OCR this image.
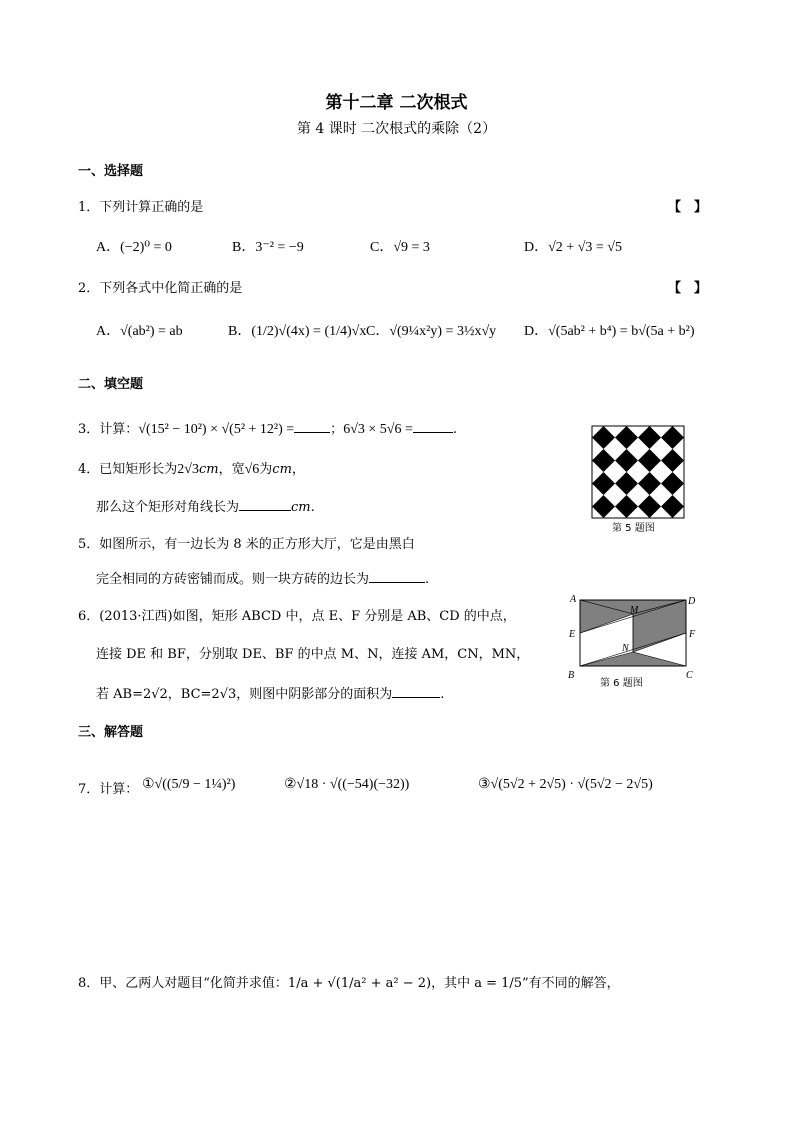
第十二章 二次根式
第 4 课时 二次根式的乘除（2）
一、选择题
1．下列计算正确的是	【　】
A．(−2)⁰ = 0	B．3⁻² = −9	C．√9 = 3	D．√2 + √3 = √5
2．下列各式中化简正确的是	【　】
A．√(ab²) = ab	B．(1/2)√(4x) = (1/4)√x C．√(9¼x²y) = 3½x√y D．√(5ab² + b⁴) = b√(5a + b²)
二、填空题
3．计算：√(15² − 10²) × √(5² + 12²) =	；6√3 × 5√6 =	.
4．已知矩形长为2√3cm，宽√6为cm，
那么这个矩形对角线长为	cm.
5．如图所示，有一边长为 8 米的正方形大厅，它是由黑白
完全相同的方砖密铺而成。则一块方砖的边长为	.
第 5 题图
6．(2013·江西)如图，矩形 ABCD 中，点 E、F 分别是 AB、CD 的中点，
连接 DE 和 BF，分别取 DE、BF 的中点 M、N，连接 AM，CN，MN，
若 AB=2√2，BC=2√3，则图中阴影部分的面积为	.
A	D
E	F
M
N
B	C
第 6 题图
三、解答题
7．计算： ①√((5/9 − 1¼)²)	②√18 · √((−54)(−32))	③√(5√2 + 2√5) · √(5√2 − 2√5)
8．甲、乙两人对题目“化简并求值：1/a + √(1/a² + a² − 2)，其中 a = 1/5”有不同的解答，
